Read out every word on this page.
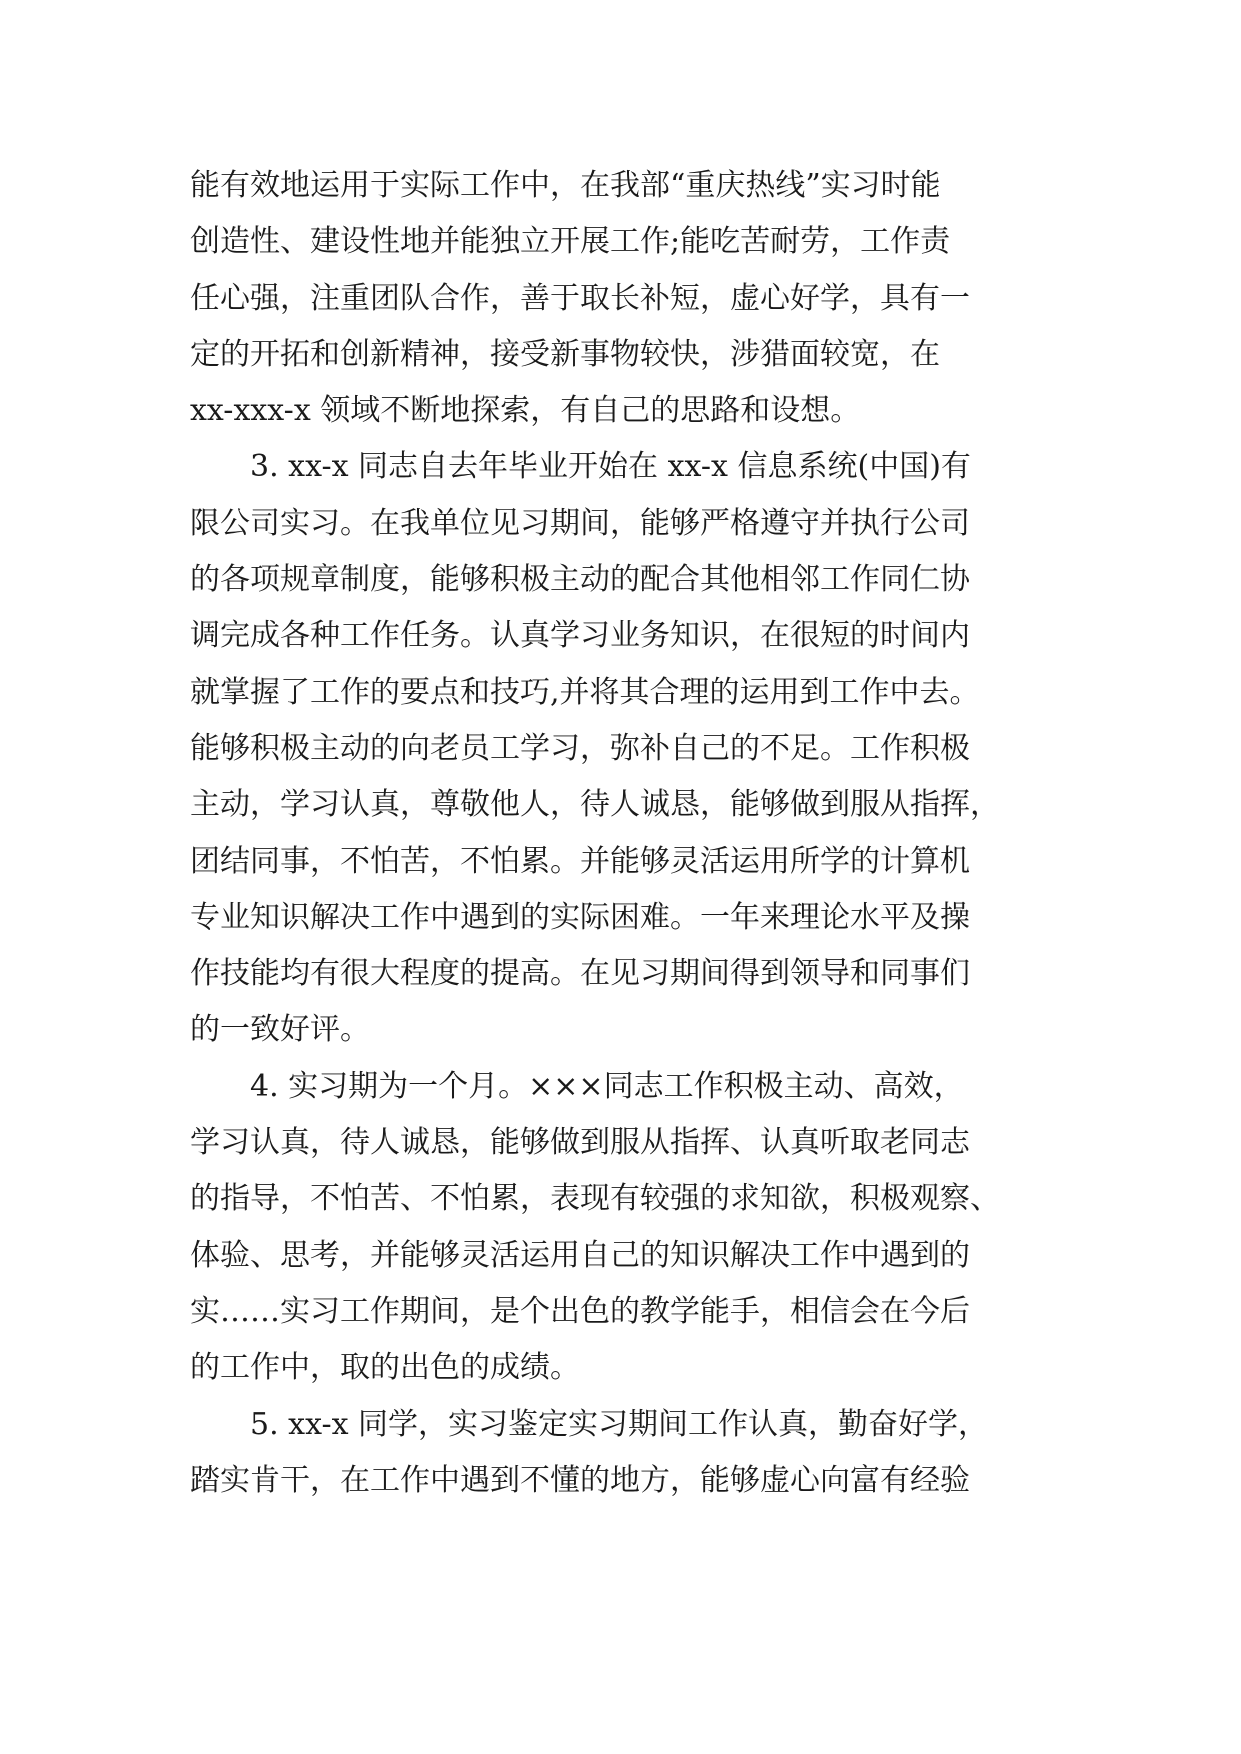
能有效地运用于实际工作中，在我部“重庆热线”实习时能
创造性、建设性地并能独立开展工作;能吃苦耐劳，工作责
任心强，注重团队合作，善于取长补短，虚心好学，具有一
定的开拓和创新精神，接受新事物较快，涉猎面较宽，在
xx-xxx-x 领域不断地探索，有自己的思路和设想。
3. xx-x 同志自去年毕业开始在 xx-x 信息系统(中国)有
限公司实习。在我单位见习期间，能够严格遵守并执行公司
的各项规章制度，能够积极主动的配合其他相邻工作同仁协
调完成各种工作任务。认真学习业务知识，在很短的时间内
就掌握了工作的要点和技巧,并将其合理的运用到工作中去。
能够积极主动的向老员工学习，弥补自己的不足。工作积极
主动，学习认真，尊敬他人，待人诚恳，能够做到服从指挥，
团结同事，不怕苦，不怕累。并能够灵活运用所学的计算机
专业知识解决工作中遇到的实际困难。一年来理论水平及操
作技能均有很大程度的提高。在见习期间得到领导和同事们
的一致好评。
4. 实习期为一个月。×××同志工作积极主动、高效，
学习认真，待人诚恳，能够做到服从指挥、认真听取老同志
的指导，不怕苦、不怕累，表现有较强的求知欲，积极观察、
体验、思考，并能够灵活运用自己的知识解决工作中遇到的
实……实习工作期间，是个出色的教学能手，相信会在今后
的工作中，取的出色的成绩。
5. xx-x 同学，实习鉴定实习期间工作认真，勤奋好学，
踏实肯干，在工作中遇到不懂的地方，能够虚心向富有经验
